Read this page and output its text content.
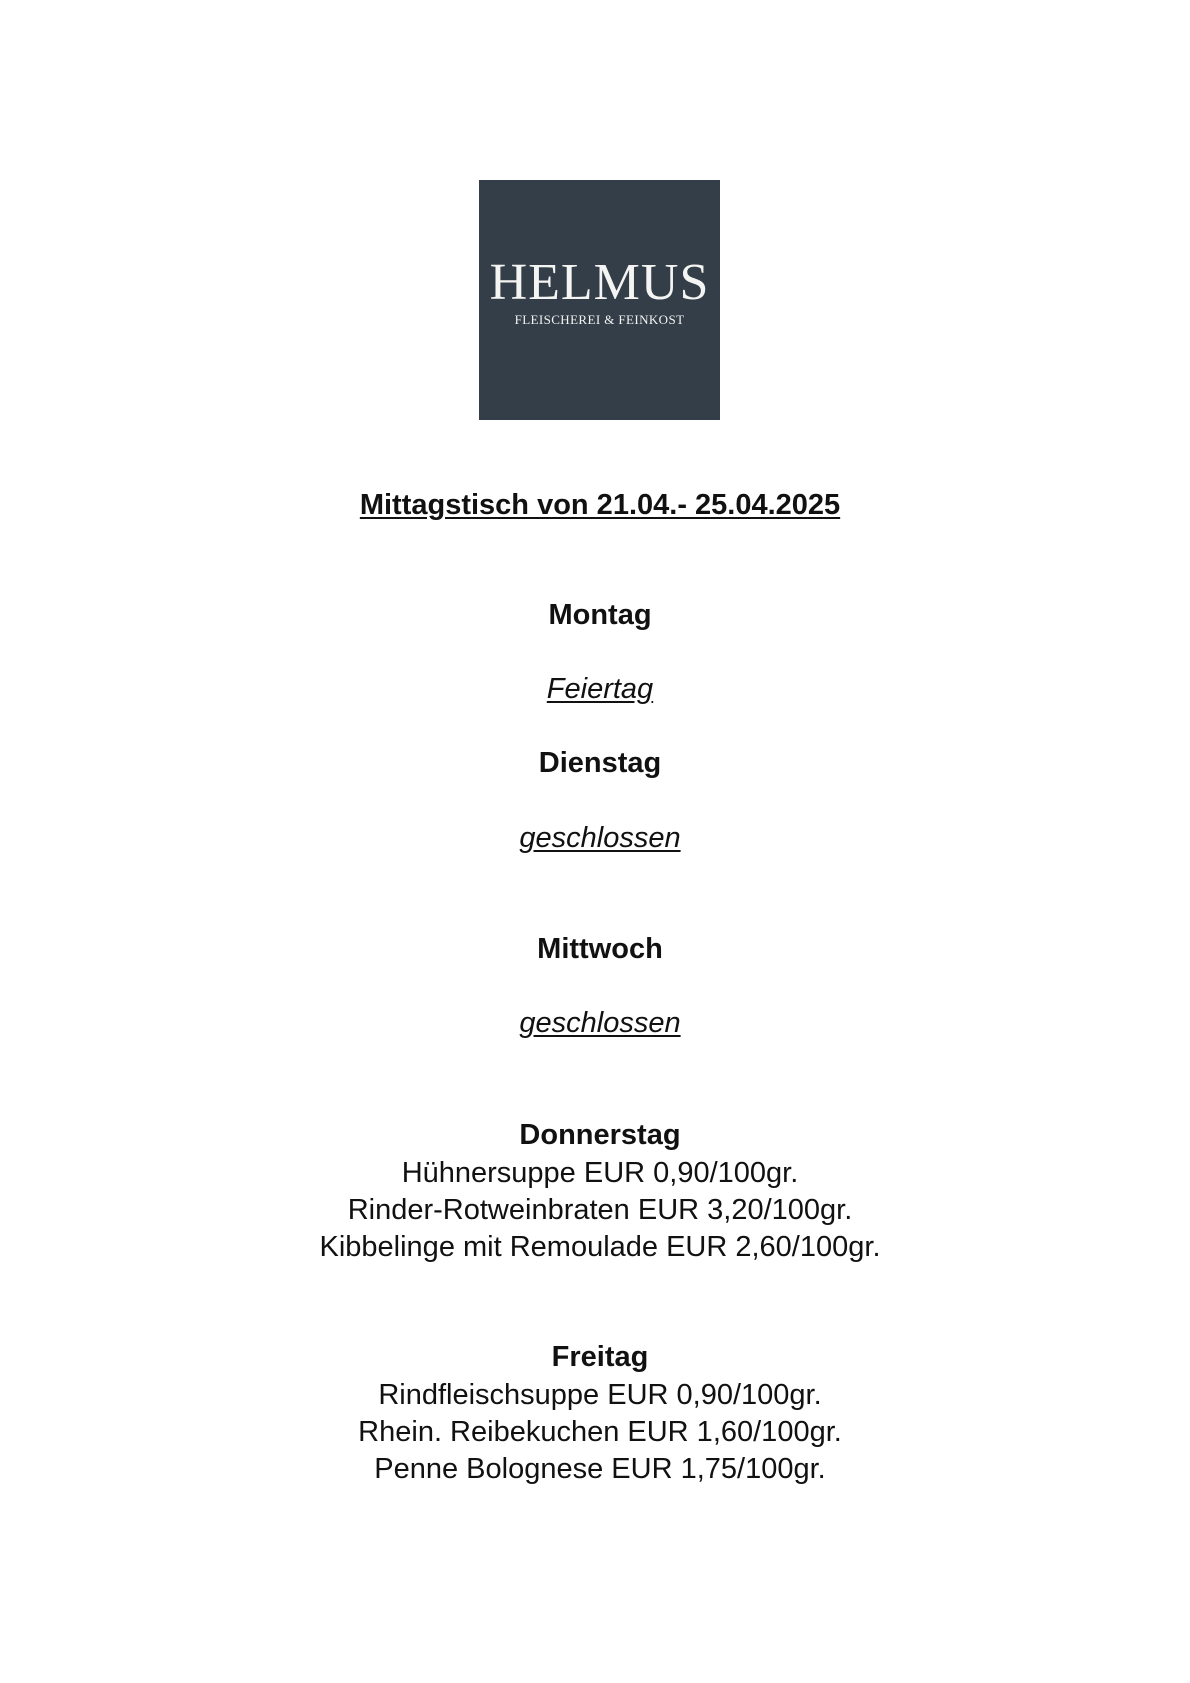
HELMUS
FLEISCHEREI & FEINKOST
Mittagstisch von 21.04.- 25.04.2025
Montag
Feiertag
Dienstag
geschlossen
Mittwoch
geschlossen
Donnerstag
Hühnersuppe EUR 0,90/100gr.
Rinder-Rotweinbraten EUR 3,20/100gr.
Kibbelinge mit Remoulade EUR 2,60/100gr.
Freitag
Rindfleischsuppe EUR 0,90/100gr.
Rhein. Reibekuchen EUR 1,60/100gr.
Penne Bolognese EUR 1,75/100gr.
